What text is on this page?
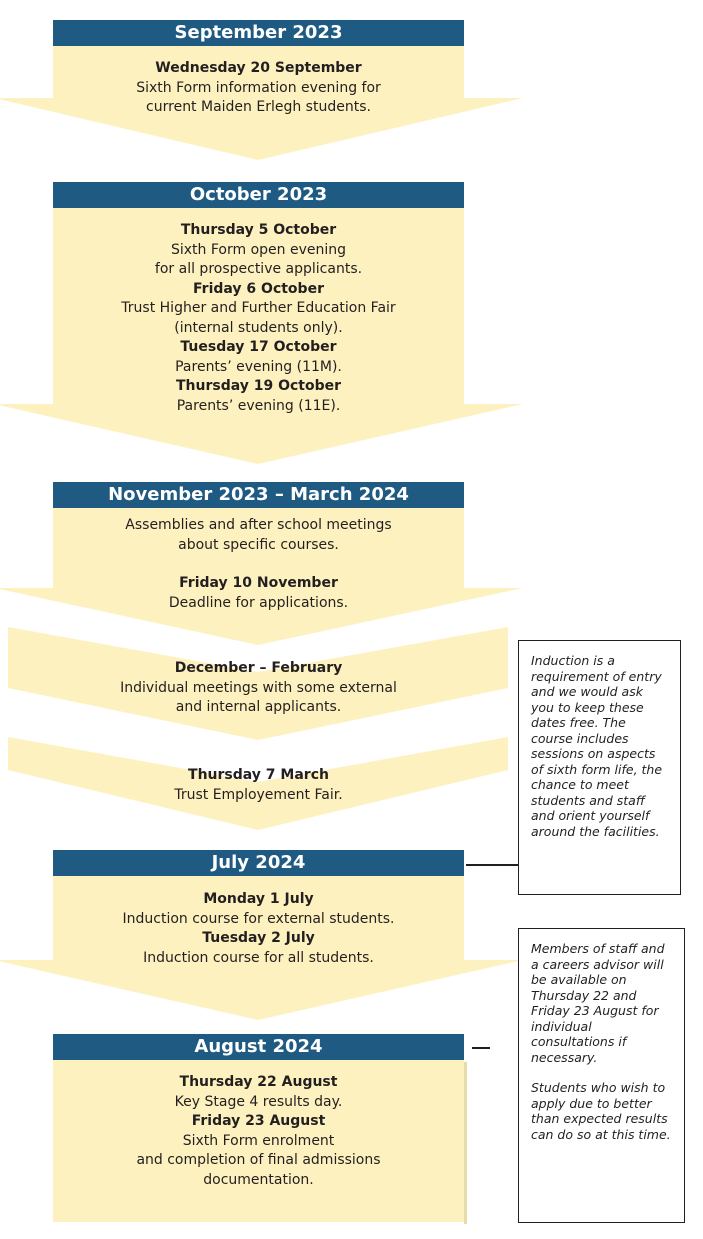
September 2023
Wednesday 20 September
Sixth Form information evening for
current Maiden Erlegh students.
October 2023
Thursday 5 October
Sixth Form open evening
for all prospective applicants.
Friday 6 October
Trust Higher and Further Education Fair
(internal students only).
Tuesday 17 October
Parents’ evening (11M).
Thursday 19 October
Parents’ evening (11E).
November 2023 – March 2024
Assemblies and after school meetings
about specific courses.
Friday 10 November
Deadline for applications.
December – February
Individual meetings with some external
and internal applicants.
Thursday 7 March
Trust Employement Fair.
July 2024
Monday 1 July
Induction course for external students.
Tuesday 2 July
Induction course for all students.
August 2024
Thursday 22 August
Key Stage 4 results day.
Friday 23 August
Sixth Form enrolment
and completion of final admissions
documentation.

Induction is a requirement of entry and we would ask you to keep these dates free. The course includes sessions on aspects of sixth form life, the chance to meet students and staff and orient yourself around the facilities.

Members of staff and a careers advisor will be available on Thursday 22 and Friday 23 August for individual consultations if necessary.

Students who wish to apply due to better than expected results can do so at this time.
